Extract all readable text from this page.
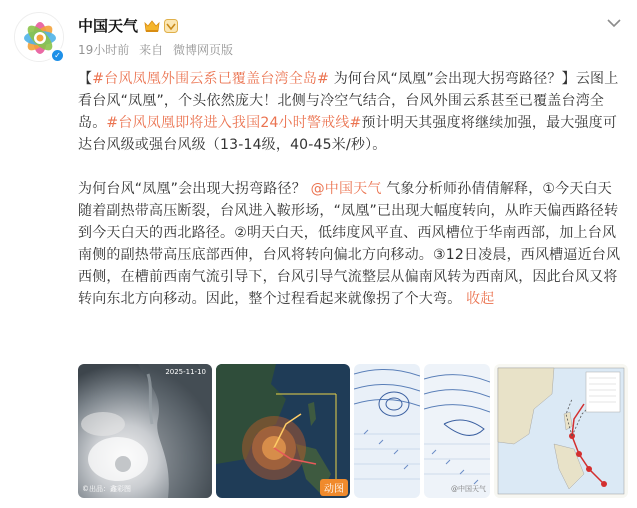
✓
中国天气
19小时前 来自 微博网页版

【#台风凤凰外围云系已覆盖台湾全岛# 为何台风“凤凰”会出现大拐弯路径？】云图上看台风“凤凰”，个头依然庞大！北侧与冷空气结合，台风外围云系甚至已覆盖台湾全岛。#台风凤凰即将进入我国24小时警戒线#预计明天其强度将继续加强，最大强度可达台风级或强台风级（13-14级，40-45米/秒）。

为何台风“凤凰”会出现大拐弯路径？ @中国天气 气象分析师孙倩倩解释，①今天白天随着副热带高压断裂，台风进入鞍形场，“凤凰”已出现大幅度转向，从昨天偏西路径转到今天白天的西北路径。②明天白天，低纬度风平直、西风槽位于华南西部，加上台风南侧的副热带高压底部西伸，台风将转向偏北方向移动。③12日凌晨，西风槽逼近台风西侧，在槽前西南气流引导下，台风引导气流整层从偏南风转为西南风，因此台风又将转向东北方向移动。因此，整个过程看起来就像拐了个大弯。 收起

2025-11-10
©出品：鑫彩图	动图	@中国天气
